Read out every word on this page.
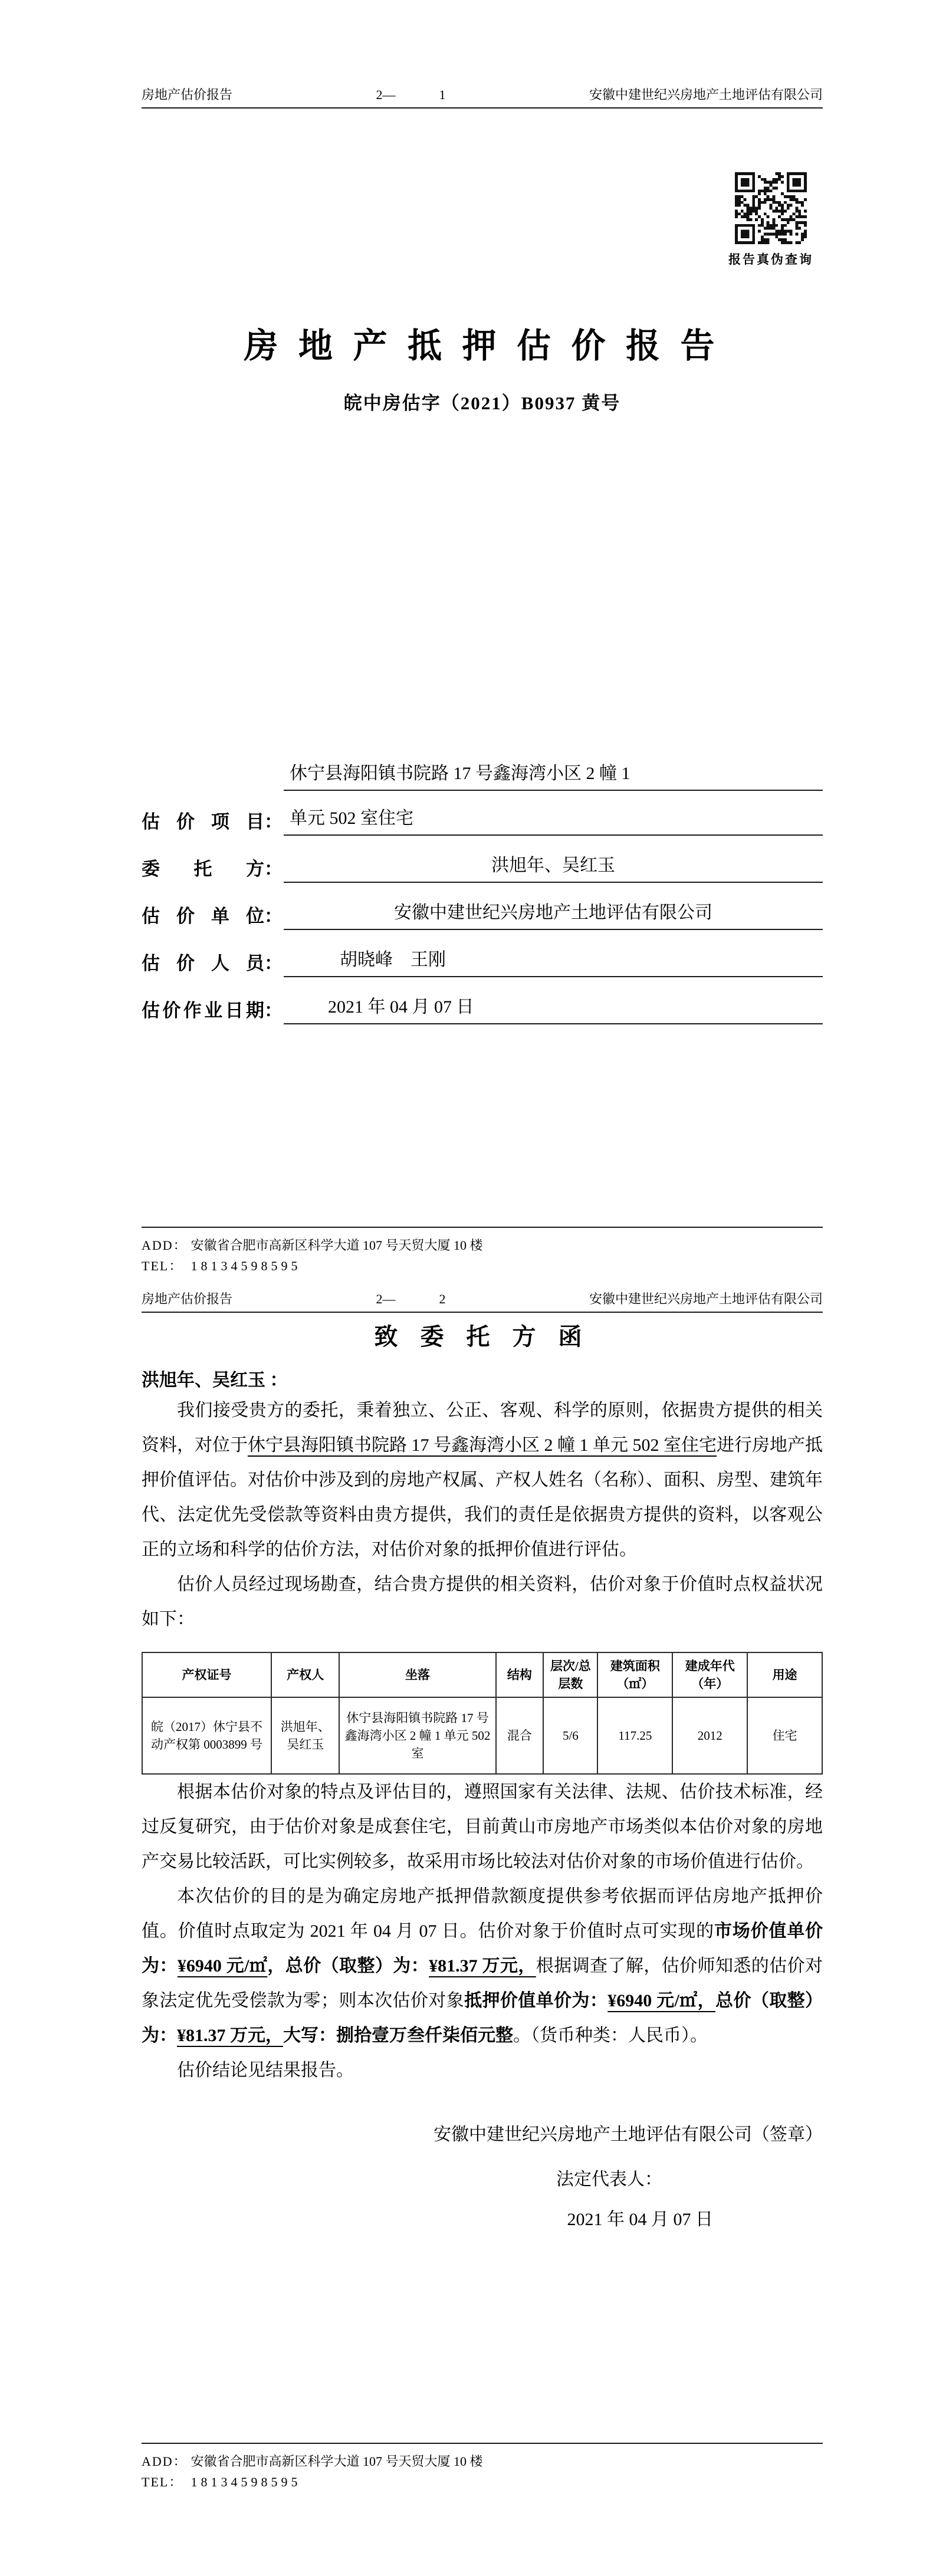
房地产估价报告	2—	1	安徽中建世纪兴房地产土地评估有限公司
报告真伪查询
房 地 产 抵 押 估 价 报 告
皖中房估字（2021）B0937 黄号
估价项目 ：
休宁县海阳镇书院路 17 号鑫海湾小区 2 幢 1
单元 502 室住宅
委托方 ：	洪旭年、吴红玉
估价单位 ：	安徽中建世纪兴房地产土地评估有限公司
估价人员 ：	胡晓峰　王刚
估价作业日期 ：	2021 年 04 月 07 日
ADD： 安徽省合肥市高新区科学大道 107 号天贸大厦 10 楼
TEL： 18134598595
房地产估价报告	2—	2	安徽中建世纪兴房地产土地评估有限公司
致 委 托 方 函
洪旭年、吴红玉 ：

我们接受贵方的委托，秉着独立、公正、客观、科学的原则，依据贵方提供的相关资料，对位于休宁县海阳镇书院路 17 号鑫海湾小区 2 幢 1 单元 502 室住宅进行房地产抵押价值评估。对估价中涉及到的房地产权属、产权人姓名（名称）、面积、房型、建筑年代、法定优先受偿款等资料由贵方提供，我们的责任是依据贵方提供的资料，以客观公正的立场和科学的估价方法，对估价对象的抵押价值进行评估。

估价人员经过现场勘查，结合贵方提供的相关资料，估价对象于价值时点权益状况如下：

产权证号	产权人	坐落	结构	层次/总层数	建筑面积（㎡）	建成年代（年）	用途
皖（2017）休宁县不动产权第 0003899 号	洪旭年、吴红玉	休宁县海阳镇书院路 17 号鑫海湾小区 2 幢 1 单元 502 室	混合	5/6	117.25	2012	住宅

根据本估价对象的特点及评估目的，遵照国家有关法律、法规、估价技术标准，经过反复研究，由于估价对象是成套住宅，目前黄山市房地产市场类似本估价对象的房地产交易比较活跃，可比实例较多，故采用市场比较法对估价对象的市场价值进行估价。

本次估价的目的是为确定房地产抵押借款额度提供参考依据而评估房地产抵押价值。价值时点取定为 2021 年 04 月 07 日。估价对象于价值时点可实现的市场价值单价为：¥6940 元/㎡，总价（取整）为：¥81.37 万元，根据调查了解，估价师知悉的估价对象法定优先受偿款为零；则本次估价对象抵押价值单价为：¥6940 元/㎡，总价（取整）为：¥81.37 万元，大写：捌拾壹万叁仟柒佰元整。（货币种类：人民币）。

估价结论见结果报告。

安徽中建世纪兴房地产土地评估有限公司（签章）
法定代表人：
2021 年 04 月 07 日
ADD： 安徽省合肥市高新区科学大道 107 号天贸大厦 10 楼
TEL： 18134598595
